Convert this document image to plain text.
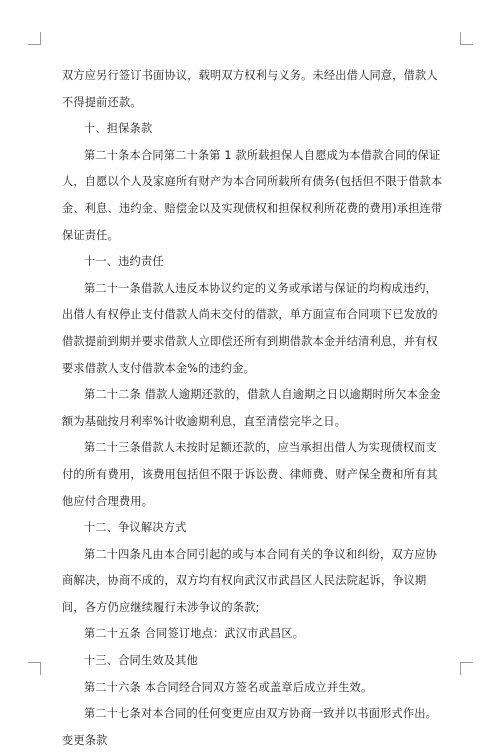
双方应另行签订书面协议，载明双方权利与义务。未经出借人同意，借款人不得提前还款。

十、担保条款

第二十条本合同第二十条第 1 款所载担保人自愿成为本借款合同的保证人，自愿以个人及家庭所有财产为本合同所载所有债务(包括但不限于借款本金、利息、违约金、赔偿金以及实现债权和担保权利所花费的费用)承担连带保证责任。

十一、违约责任

第二十一条借款人违反本协议约定的义务或承诺与保证的均构成违约，出借人有权停止支付借款人尚未交付的借款，单方面宣布合同项下已发放的借款提前到期并要求借款人立即偿还所有到期借款本金并结清利息，并有权要求借款人支付借款本金%的违约金。

第二十二条 借款人逾期还款的，借款人自逾期之日以逾期时所欠本金金额为基础按月利率%计收逾期利息，直至清偿完毕之日。

第二十三条借款人未按时足额还款的，应当承担出借人为实现债权而支付的所有费用，该费用包括但不限于诉讼费、律师费、财产保全费和所有其他应付合理费用。

十二、争议解决方式

第二十四条凡由本合同引起的或与本合同有关的争议和纠纷，双方应协商解决，协商不成的，双方均有权向武汉市武昌区人民法院起诉，争议期间，各方仍应继续履行未涉争议的条款;

第二十五条 合同签订地点：武汉市武昌区。

十三、合同生效及其他

第二十六条 本合同经合同双方签名或盖章后成立并生效。

第二十七条对本合同的任何变更应由双方协商一致并以书面形式作出。变更条款
